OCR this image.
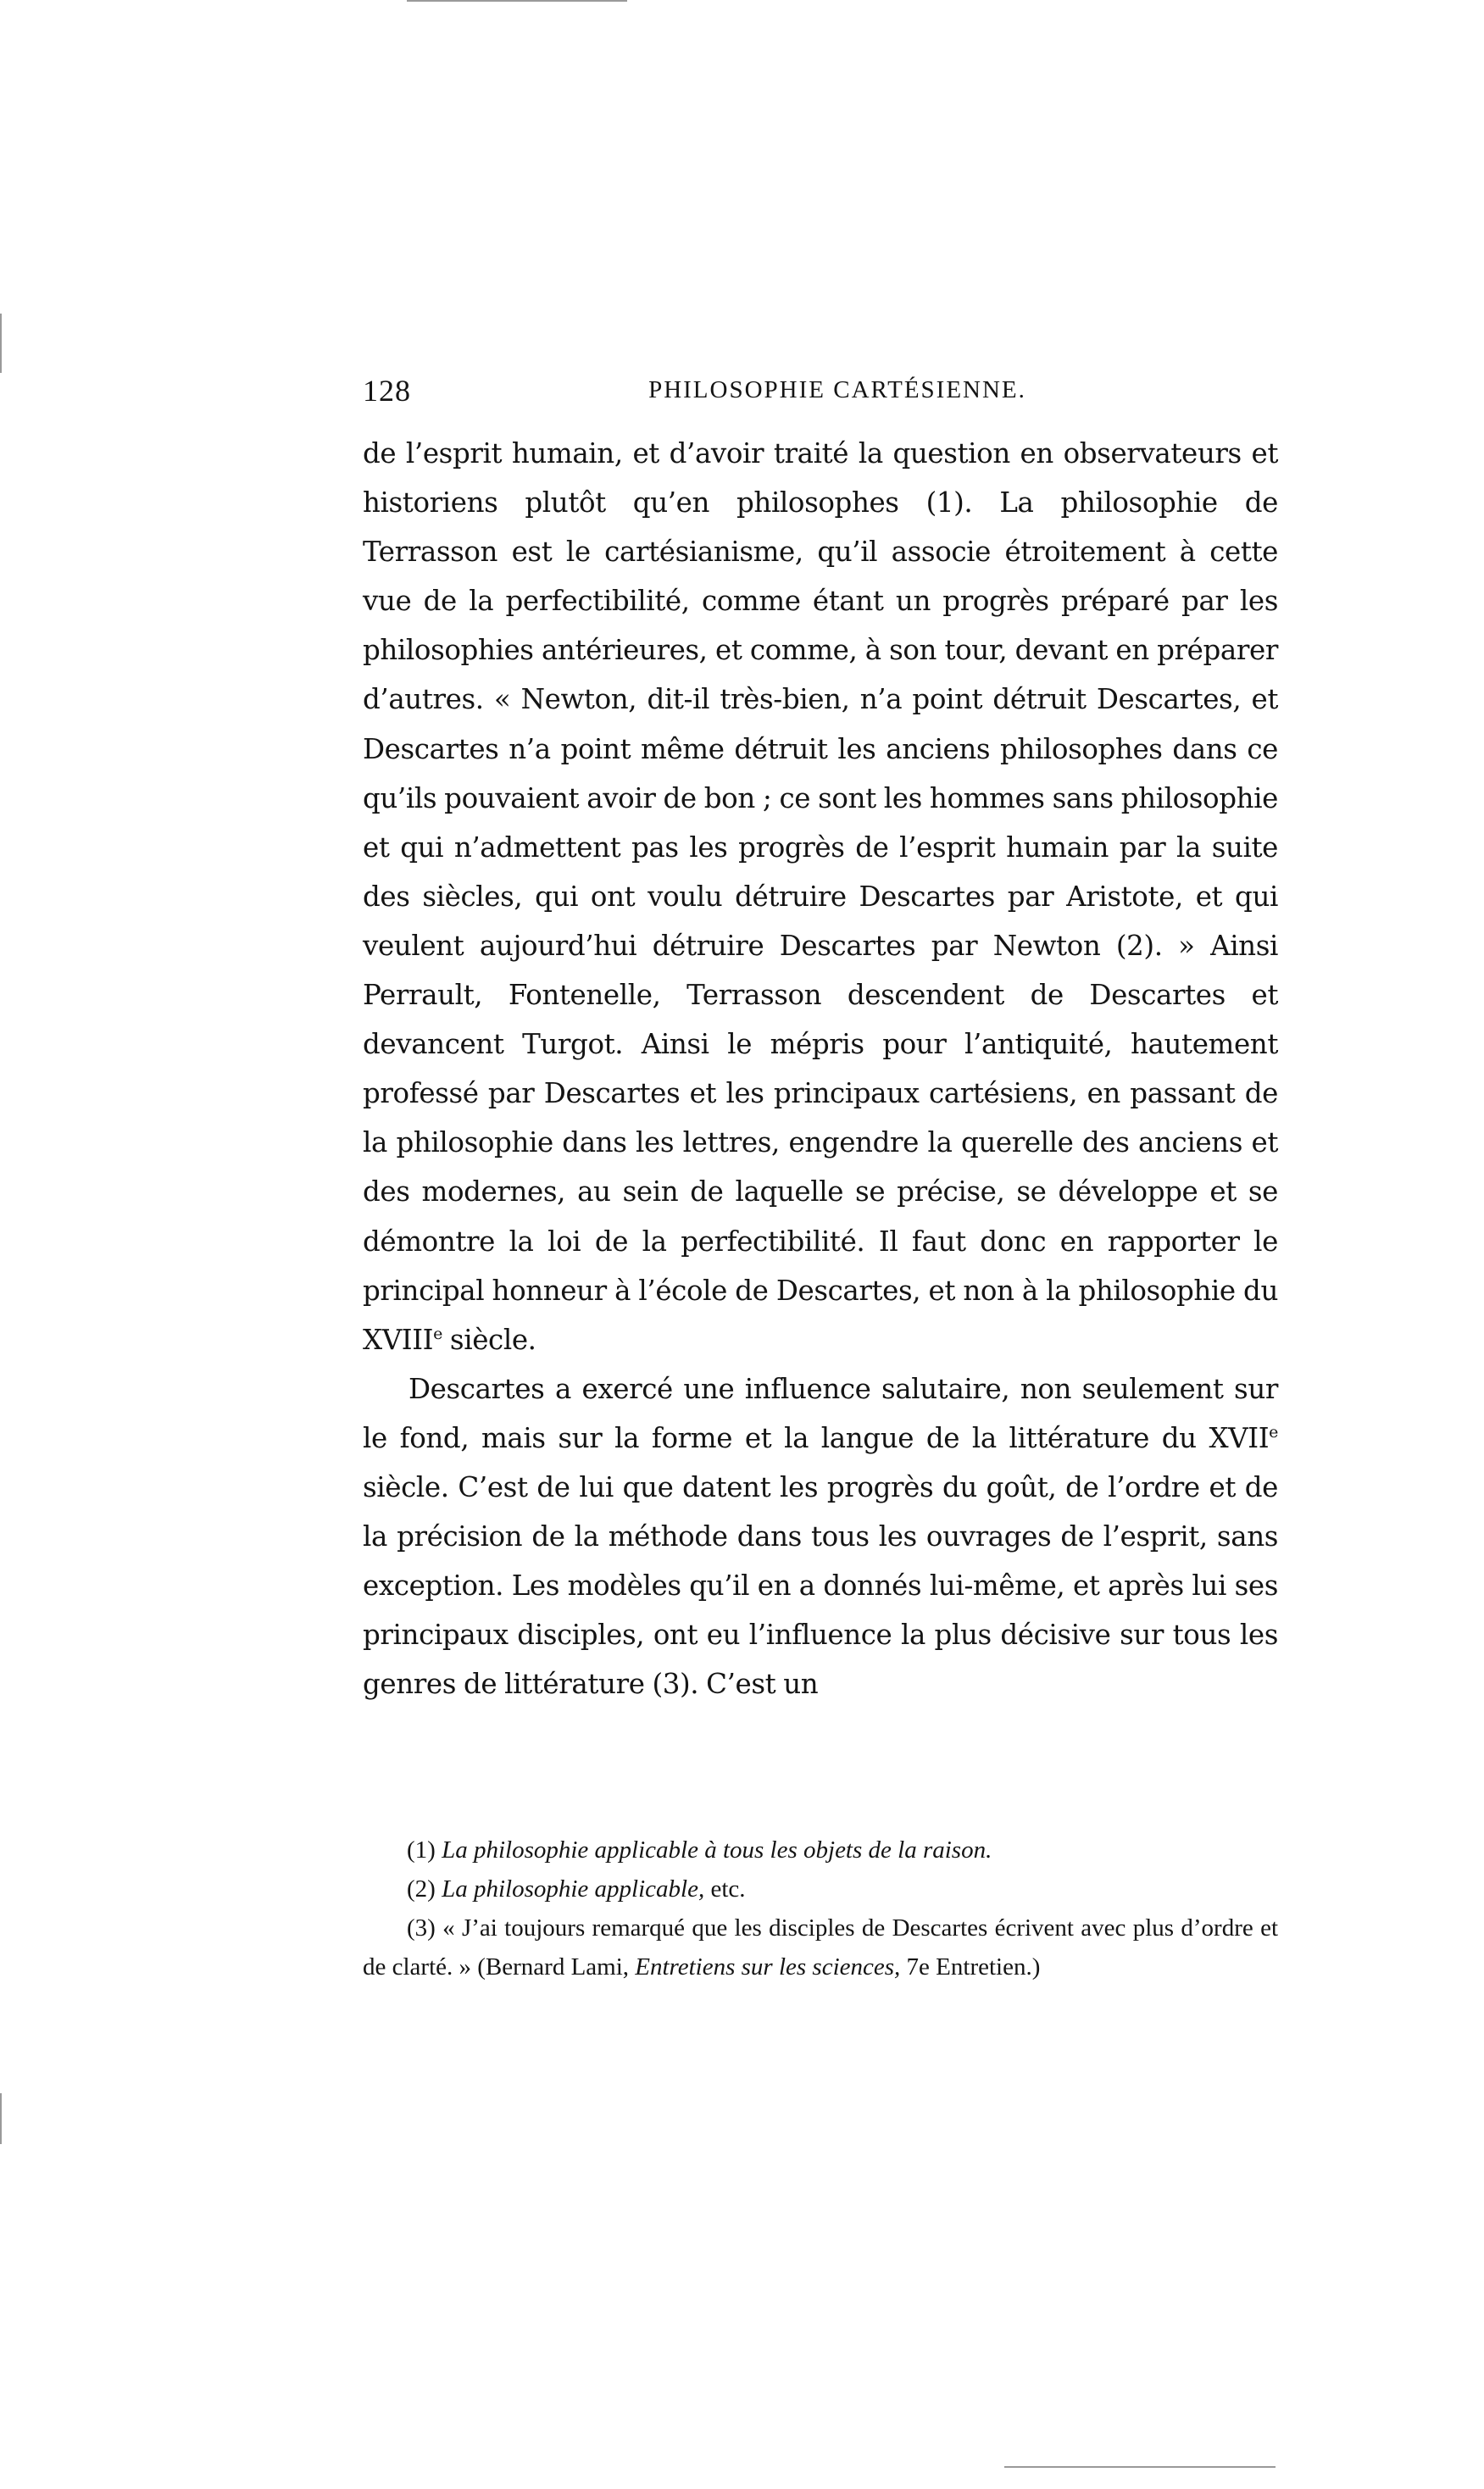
128	PHILOSOPHIE CARTÉSIENNE.

de l’esprit humain, et d’avoir traité la question en observateurs et historiens plutôt qu’en philosophes (1). La philosophie de Terrasson est le cartésianisme, qu’il associe étroitement à cette vue de la perfectibilité, comme étant un progrès préparé par les philosophies antérieures, et comme, à son tour, devant en préparer d’autres. « Newton, dit-il très-bien, n’a point détruit Descartes, et Descartes n’a point même détruit les anciens philosophes dans ce qu’ils pouvaient avoir de bon ; ce sont les hommes sans philosophie et qui n’admettent pas les progrès de l’esprit humain par la suite des siècles, qui ont voulu détruire Descartes par Aristote, et qui veulent aujourd’hui détruire Descartes par Newton (2). » Ainsi Perrault, Fontenelle, Terrasson descendent de Descartes et devancent Turgot. Ainsi le mépris pour l’antiquité, hautement professé par Descartes et les principaux cartésiens, en passant de la philosophie dans les lettres, engendre la querelle des anciens et des modernes, au sein de laquelle se précise, se développe et se démontre la loi de la perfectibilité. Il faut donc en rapporter le principal honneur à l’école de Descartes, et non à la philosophie du XVIIIe siècle.

Descartes a exercé une influence salutaire, non seulement sur le fond, mais sur la forme et la langue de la littérature du XVIIe siècle. C’est de lui que datent les progrès du goût, de l’ordre et de la précision de la méthode dans tous les ouvrages de l’esprit, sans exception. Les modèles qu’il en a donnés lui-même, et après lui ses principaux disciples, ont eu l’influence la plus décisive sur tous les genres de littérature (3). C’est un

(1) La philosophie applicable à tous les objets de la raison.

(2) La philosophie applicable, etc.

(3) « J’ai toujours remarqué que les disciples de Descartes écrivent avec plus d’ordre et de clarté. » (Bernard Lami, Entretiens sur les sciences, 7e Entretien.)
